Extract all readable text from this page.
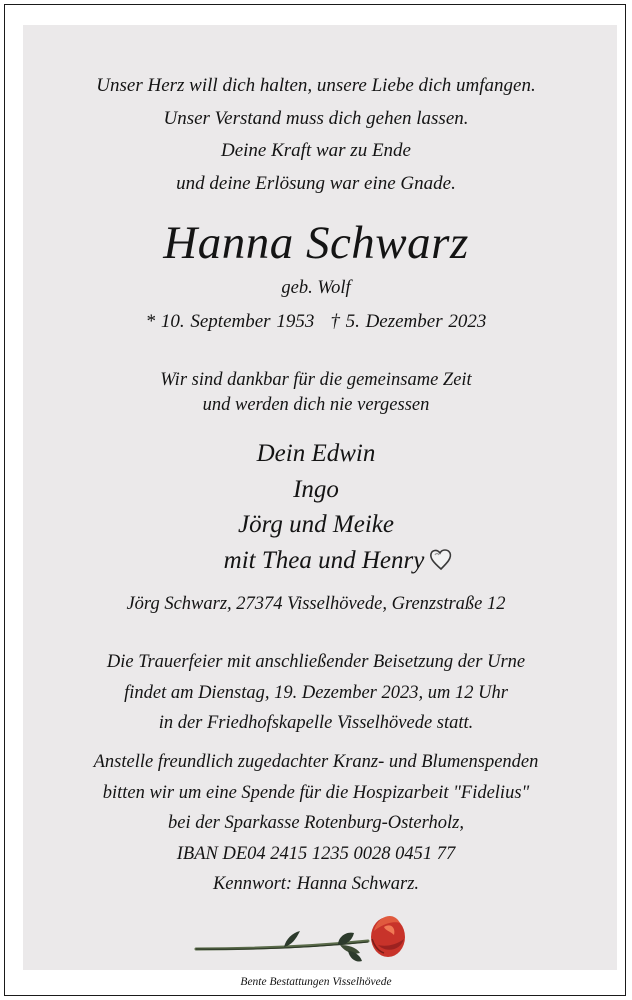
Unser Herz will dich halten, unsere Liebe dich umfangen.
Unser Verstand muss dich gehen lassen.
Deine Kraft war zu Ende
und deine Erlösung war eine Gnade.
Hanna Schwarz
geb. Wolf
* 10. September 1953 † 5. Dezember 2023
Wir sind dankbar für die gemeinsame Zeit
und werden dich nie vergessen
Dein Edwin
Ingo
Jörg und Meike
mit Thea und Henry
Jörg Schwarz, 27374 Visselhövede, Grenzstraße 12
Die Trauerfeier mit anschließender Beisetzung der Urne
findet am Dienstag, 19. Dezember 2023, um 12 Uhr
in der Friedhofskapelle Visselhövede statt.
Anstelle freundlich zugedachter Kranz- und Blumenspenden
bitten wir um eine Spende für die Hospizarbeit "Fidelius"
bei der Sparkasse Rotenburg-Osterholz,
IBAN DE04 2415 1235 0028 0451 77
Kennwort: Hanna Schwarz.
Bente Bestattungen Visselhövede
